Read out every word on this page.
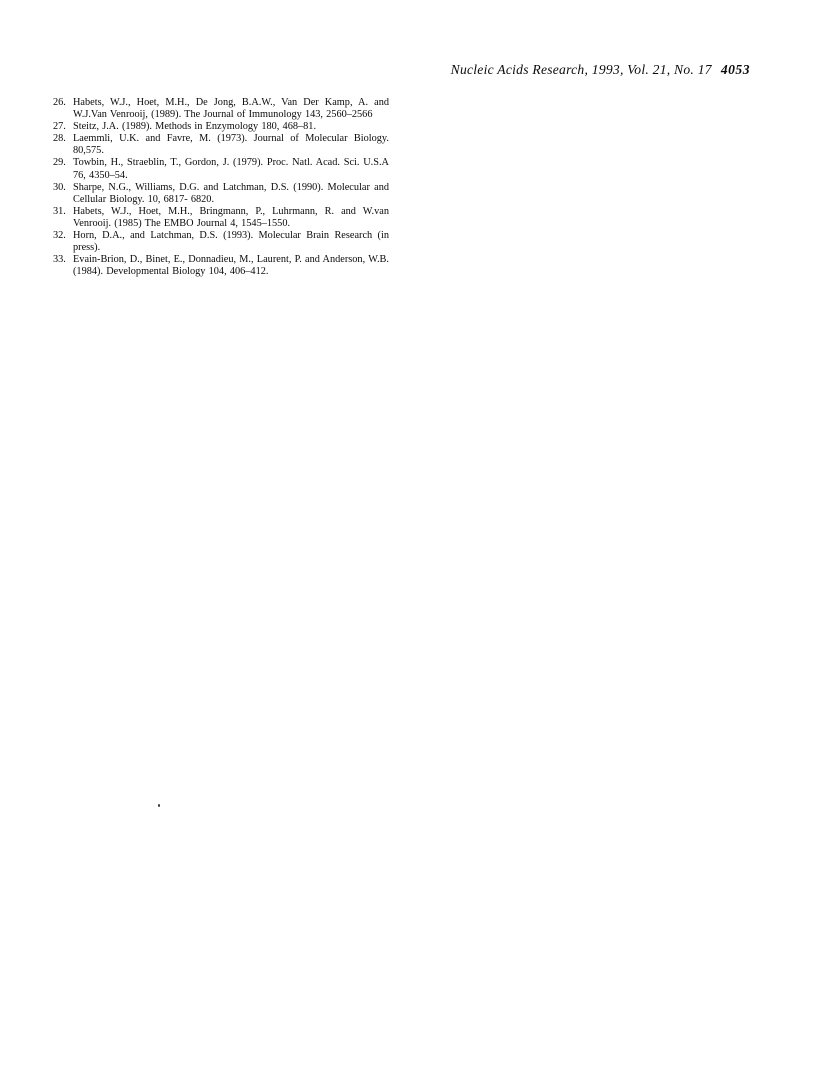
Nucleic Acids Research, 1993, Vol. 21, No. 17 4053
26. Habets, W.J., Hoet, M.H., De Jong, B.A.W., Van Der Kamp, A. and W.J.Van Venrooij, (1989). The Journal of Immunology 143, 2560–2566
27. Steitz, J.A. (1989). Methods in Enzymology 180, 468–81.
28. Laemmli, U.K. and Favre, M. (1973). Journal of Molecular Biology. 80,575.
29. Towbin, H., Straeblin, T., Gordon, J. (1979). Proc. Natl. Acad. Sci. U.S.A 76, 4350–54.
30. Sharpe, N.G., Williams, D.G. and Latchman, D.S. (1990). Molecular and Cellular Biology. 10, 6817- 6820.
31. Habets, W.J., Hoet, M.H., Bringmann, P., Luhrmann, R. and W.van Venrooij. (1985) The EMBO Journal 4, 1545–1550.
32. Horn, D.A., and Latchman, D.S. (1993). Molecular Brain Research (in press).
33. Evain-Brion, D., Binet, E., Donnadieu, M., Laurent, P. and Anderson, W.B. (1984). Developmental Biology 104, 406–412.
